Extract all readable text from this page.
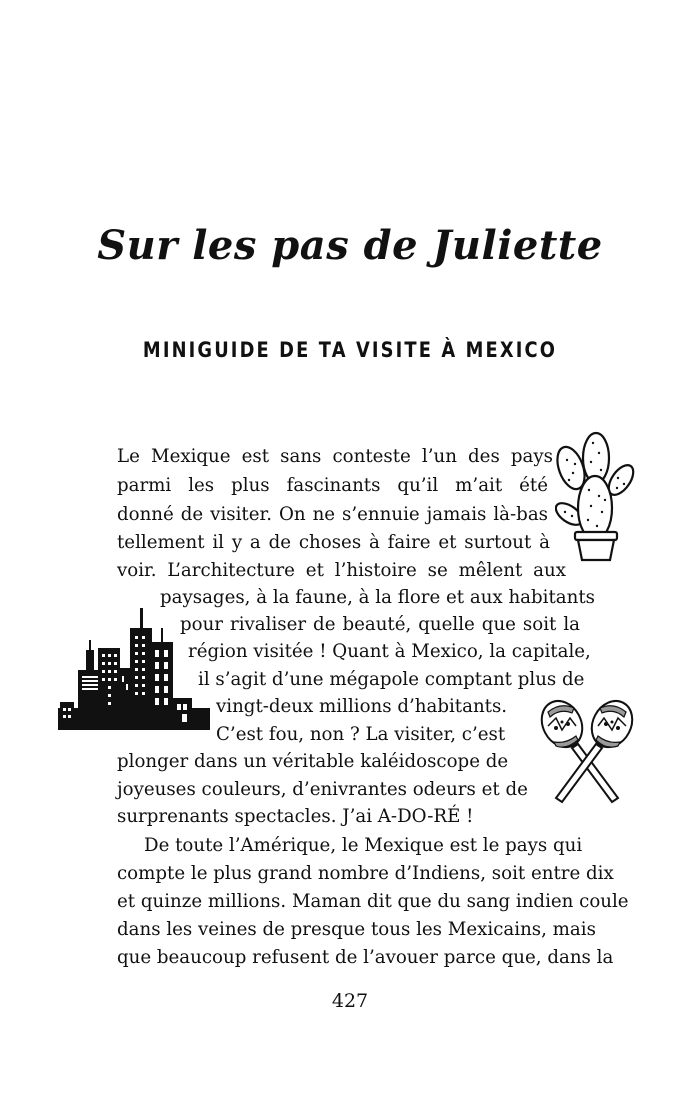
Sur les pas de Juliette
MINIGUIDE DE TA VISITE À MEXICO
Le Mexique est sans conteste l’un des pays
parmi les plus fascinants qu’il m’ait été
donné de visiter. On ne s’ennuie jamais là-bas
tellement il y a de choses à faire et surtout à
voir. L’architecture et l’histoire se mêlent aux
paysages, à la faune, à la flore et aux habitants
pour rivaliser de beauté, quelle que soit la
région visitée ! Quant à Mexico, la capitale,
il s’agit d’une mégapole comptant plus de
vingt-deux millions d’habitants.
C’est fou, non ? La visiter, c’est
plonger dans un véritable kaléidoscope de
joyeuses couleurs, d’enivrantes odeurs et de
surprenants spectacles. J’ai A-DO-RÉ !
De toute l’Amérique, le Mexique est le pays qui
compte le plus grand nombre d’Indiens, soit entre dix
et quinze millions. Maman dit que du sang indien coule
dans les veines de presque tous les Mexicains, mais
que beaucoup refusent de l’avouer parce que, dans la
427
